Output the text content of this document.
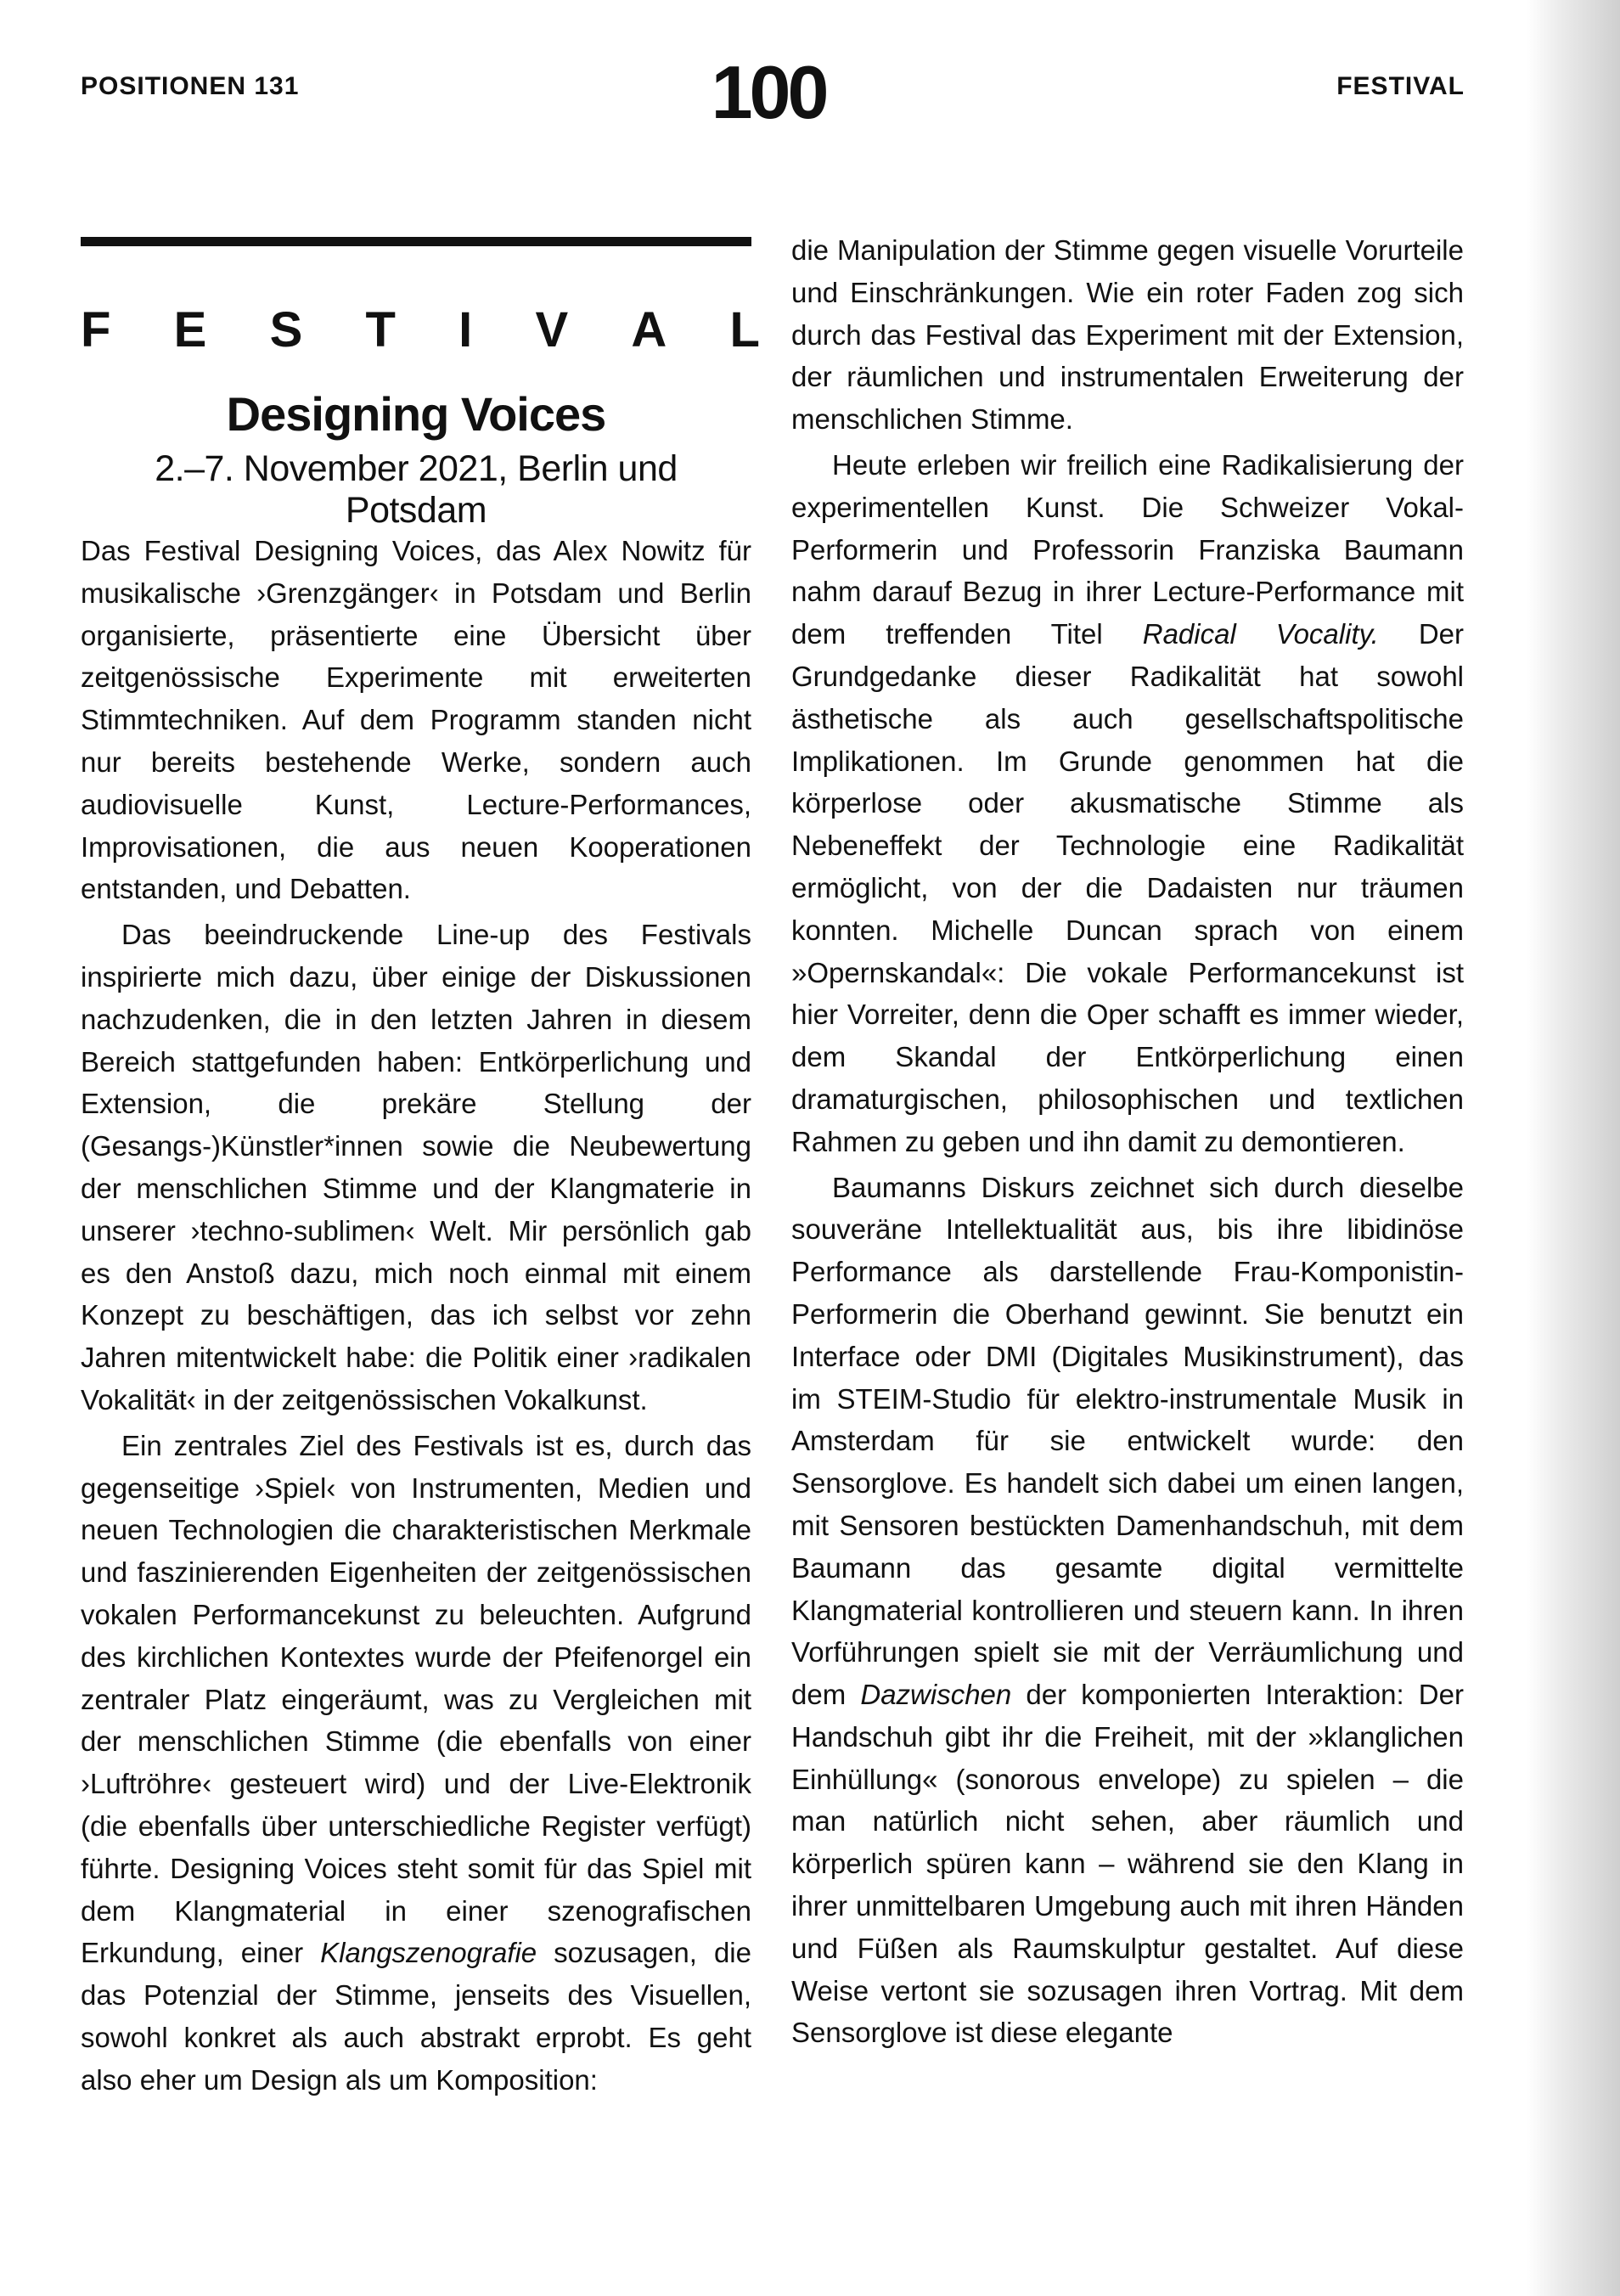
POSITIONEN 131	100	FESTIVAL
F E S T I V A L
Designing Voices
2.–7. November 2021, Berlin und Potsdam

Das Festival Designing Voices, das Alex Nowitz für musikalische ›Grenzgänger‹ in Potsdam und Berlin organisierte, präsentierte eine Übersicht über zeitgenössische Experimente mit erweiterten Stimmtechniken. Auf dem Programm standen nicht nur bereits bestehende Werke, sondern auch audiovisuelle Kunst, Lecture-Performances, Improvisationen, die aus neuen Kooperationen entstanden, und Debatten.

Das beeindruckende Line-up des Festivals inspirierte mich dazu, über einige der Diskussionen nachzudenken, die in den letzten Jahren in diesem Bereich stattgefunden haben: Entkörperlichung und Extension, die prekäre Stellung der (Gesangs-)Künstler*innen sowie die Neubewertung der menschlichen Stimme und der Klangmaterie in unserer ›techno-sublimen‹ Welt. Mir persönlich gab es den Anstoß dazu, mich noch einmal mit einem Konzept zu beschäftigen, das ich selbst vor zehn Jahren mitentwickelt habe: die Politik einer ›radikalen Vokalität‹ in der zeitgenössischen Vokalkunst.

Ein zentrales Ziel des Festivals ist es, durch das gegenseitige ›Spiel‹ von Instrumenten, Medien und neuen Technologien die charakteristischen Merkmale und faszinierenden Eigenheiten der zeitgenössischen vokalen Performancekunst zu beleuchten. Aufgrund des kirchlichen Kontextes wurde der Pfeifenorgel ein zentraler Platz eingeräumt, was zu Vergleichen mit der menschlichen Stimme (die ebenfalls von einer ›Luftröhre‹ gesteuert wird) und der Live-Elektronik (die ebenfalls über unterschiedliche Register verfügt) führte. Designing Voices steht somit für das Spiel mit dem Klangmaterial in einer szenografischen Erkundung, einer Klangszenografie sozusagen, die das Potenzial der Stimme, jenseits des Visuellen, sowohl konkret als auch abstrakt erprobt. Es geht also eher um Design als um Komposition:

die Manipulation der Stimme gegen visuelle Vorurteile und Einschränkungen. Wie ein roter Faden zog sich durch das Festival das Experiment mit der Extension, der räumlichen und instrumentalen Erweiterung der menschlichen Stimme.

Heute erleben wir freilich eine Radikalisierung der experimentellen Kunst. Die Schweizer Vokal-Performerin und Professorin Franziska Baumann nahm darauf Bezug in ihrer Lecture-Performance mit dem treffenden Titel Radical Vocality. Der Grundgedanke dieser Radikalität hat sowohl ästhetische als auch gesellschaftspolitische Implikationen. Im Grunde genommen hat die körperlose oder akusmatische Stimme als Nebeneffekt der Technologie eine Radikalität ermöglicht, von der die Dadaisten nur träumen konnten. Michelle Duncan sprach von einem »Opernskandal«: Die vokale Performancekunst ist hier Vorreiter, denn die Oper schafft es immer wieder, dem Skandal der Entkörperlichung einen dramaturgischen, philosophischen und textlichen Rahmen zu geben und ihn damit zu demontieren.

Baumanns Diskurs zeichnet sich durch dieselbe souveräne Intellektualität aus, bis ihre libidinöse Performance als darstellende Frau-Komponistin-Performerin die Oberhand gewinnt. Sie benutzt ein Interface oder DMI (Digitales Musikinstrument), das im STEIM-Studio für elektro-instrumentale Musik in Amsterdam für sie entwickelt wurde: den Sensorglove. Es handelt sich dabei um einen langen, mit Sensoren bestückten Damenhandschuh, mit dem Baumann das gesamte digital vermittelte Klangmaterial kontrollieren und steuern kann. In ihren Vorführungen spielt sie mit der Verräumlichung und dem Dazwischen der komponierten Interaktion: Der Handschuh gibt ihr die Freiheit, mit der »klanglichen Einhüllung« (sonorous envelope) zu spielen – die man natürlich nicht sehen, aber räumlich und körperlich spüren kann – während sie den Klang in ihrer unmittelbaren Umgebung auch mit ihren Händen und Füßen als Raumskulptur gestaltet. Auf diese Weise vertont sie sozusagen ihren Vortrag. Mit dem Sensorglove ist diese elegante
